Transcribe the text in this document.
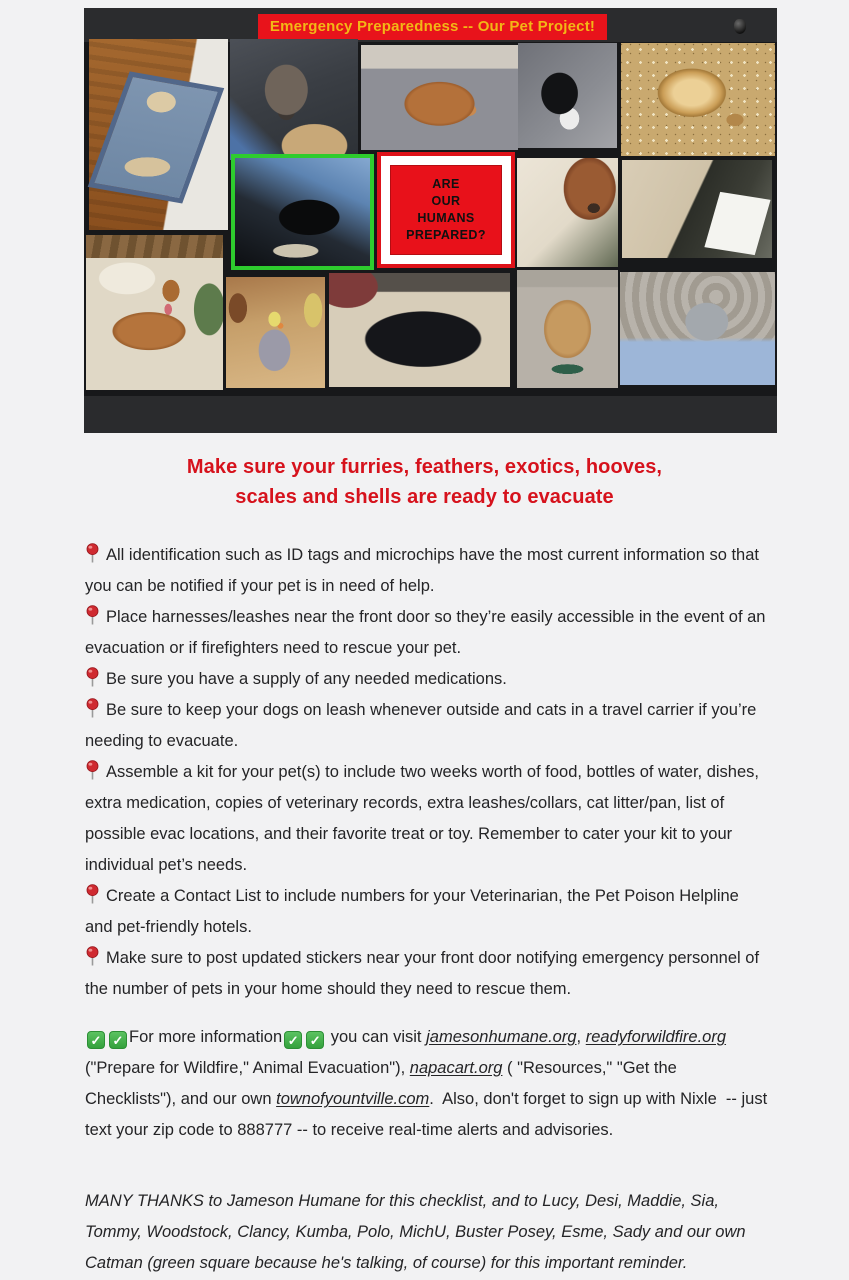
Emergency Preparedness -- Our Pet Project!
ARE
OUR
HUMANS
PREPARED?
Make sure your furries, feathers, exotics, hooves,
scales and shells are ready to evacuate
All identification such as ID tags and microchips have the most current information so that you can be notified if your pet is in need of help.
Place harnesses/leashes near the front door so they’re easily accessible in the event of an evacuation or if firefighters need to rescue your pet.
Be sure you have a supply of any needed medications.
Be sure to keep your dogs on leash whenever outside and cats in a travel carrier if you’re needing to evacuate.
Assemble a kit for your pet(s) to include two weeks worth of food, bottles of water, dishes, extra medication, copies of veterinary records, extra leashes/collars, cat litter/pan, list of possible evac locations, and their favorite treat or toy. Remember to cater your kit to your individual pet’s needs.
Create a Contact List to include numbers for your Veterinarian, the Pet Poison Helpline and pet-friendly hotels.
Make sure to post updated stickers near your front door notifying emergency personnel of the number of pets in your home should they need to rescue them.

✓ ✓ For more information ✓ ✓ you can visit jamesonhumane.org, readyforwildfire.org ("Prepare for Wildfire," Animal Evacuation"), napacart.org ( "Resources," "Get the Checklists"), and our own townofyountville.com.  Also, don't forget to sign up with Nixle  -- just text your zip code to 888777 -- to receive real-time alerts and advisories.

MANY THANKS to Jameson Humane for this checklist, and to Lucy, Desi, Maddie, Sia, Tommy, Woodstock, Clancy, Kumba, Polo, MichU, Buster Posey, Esme, Sady and our own Catman (green square because he's talking, of course) for this important reminder.
